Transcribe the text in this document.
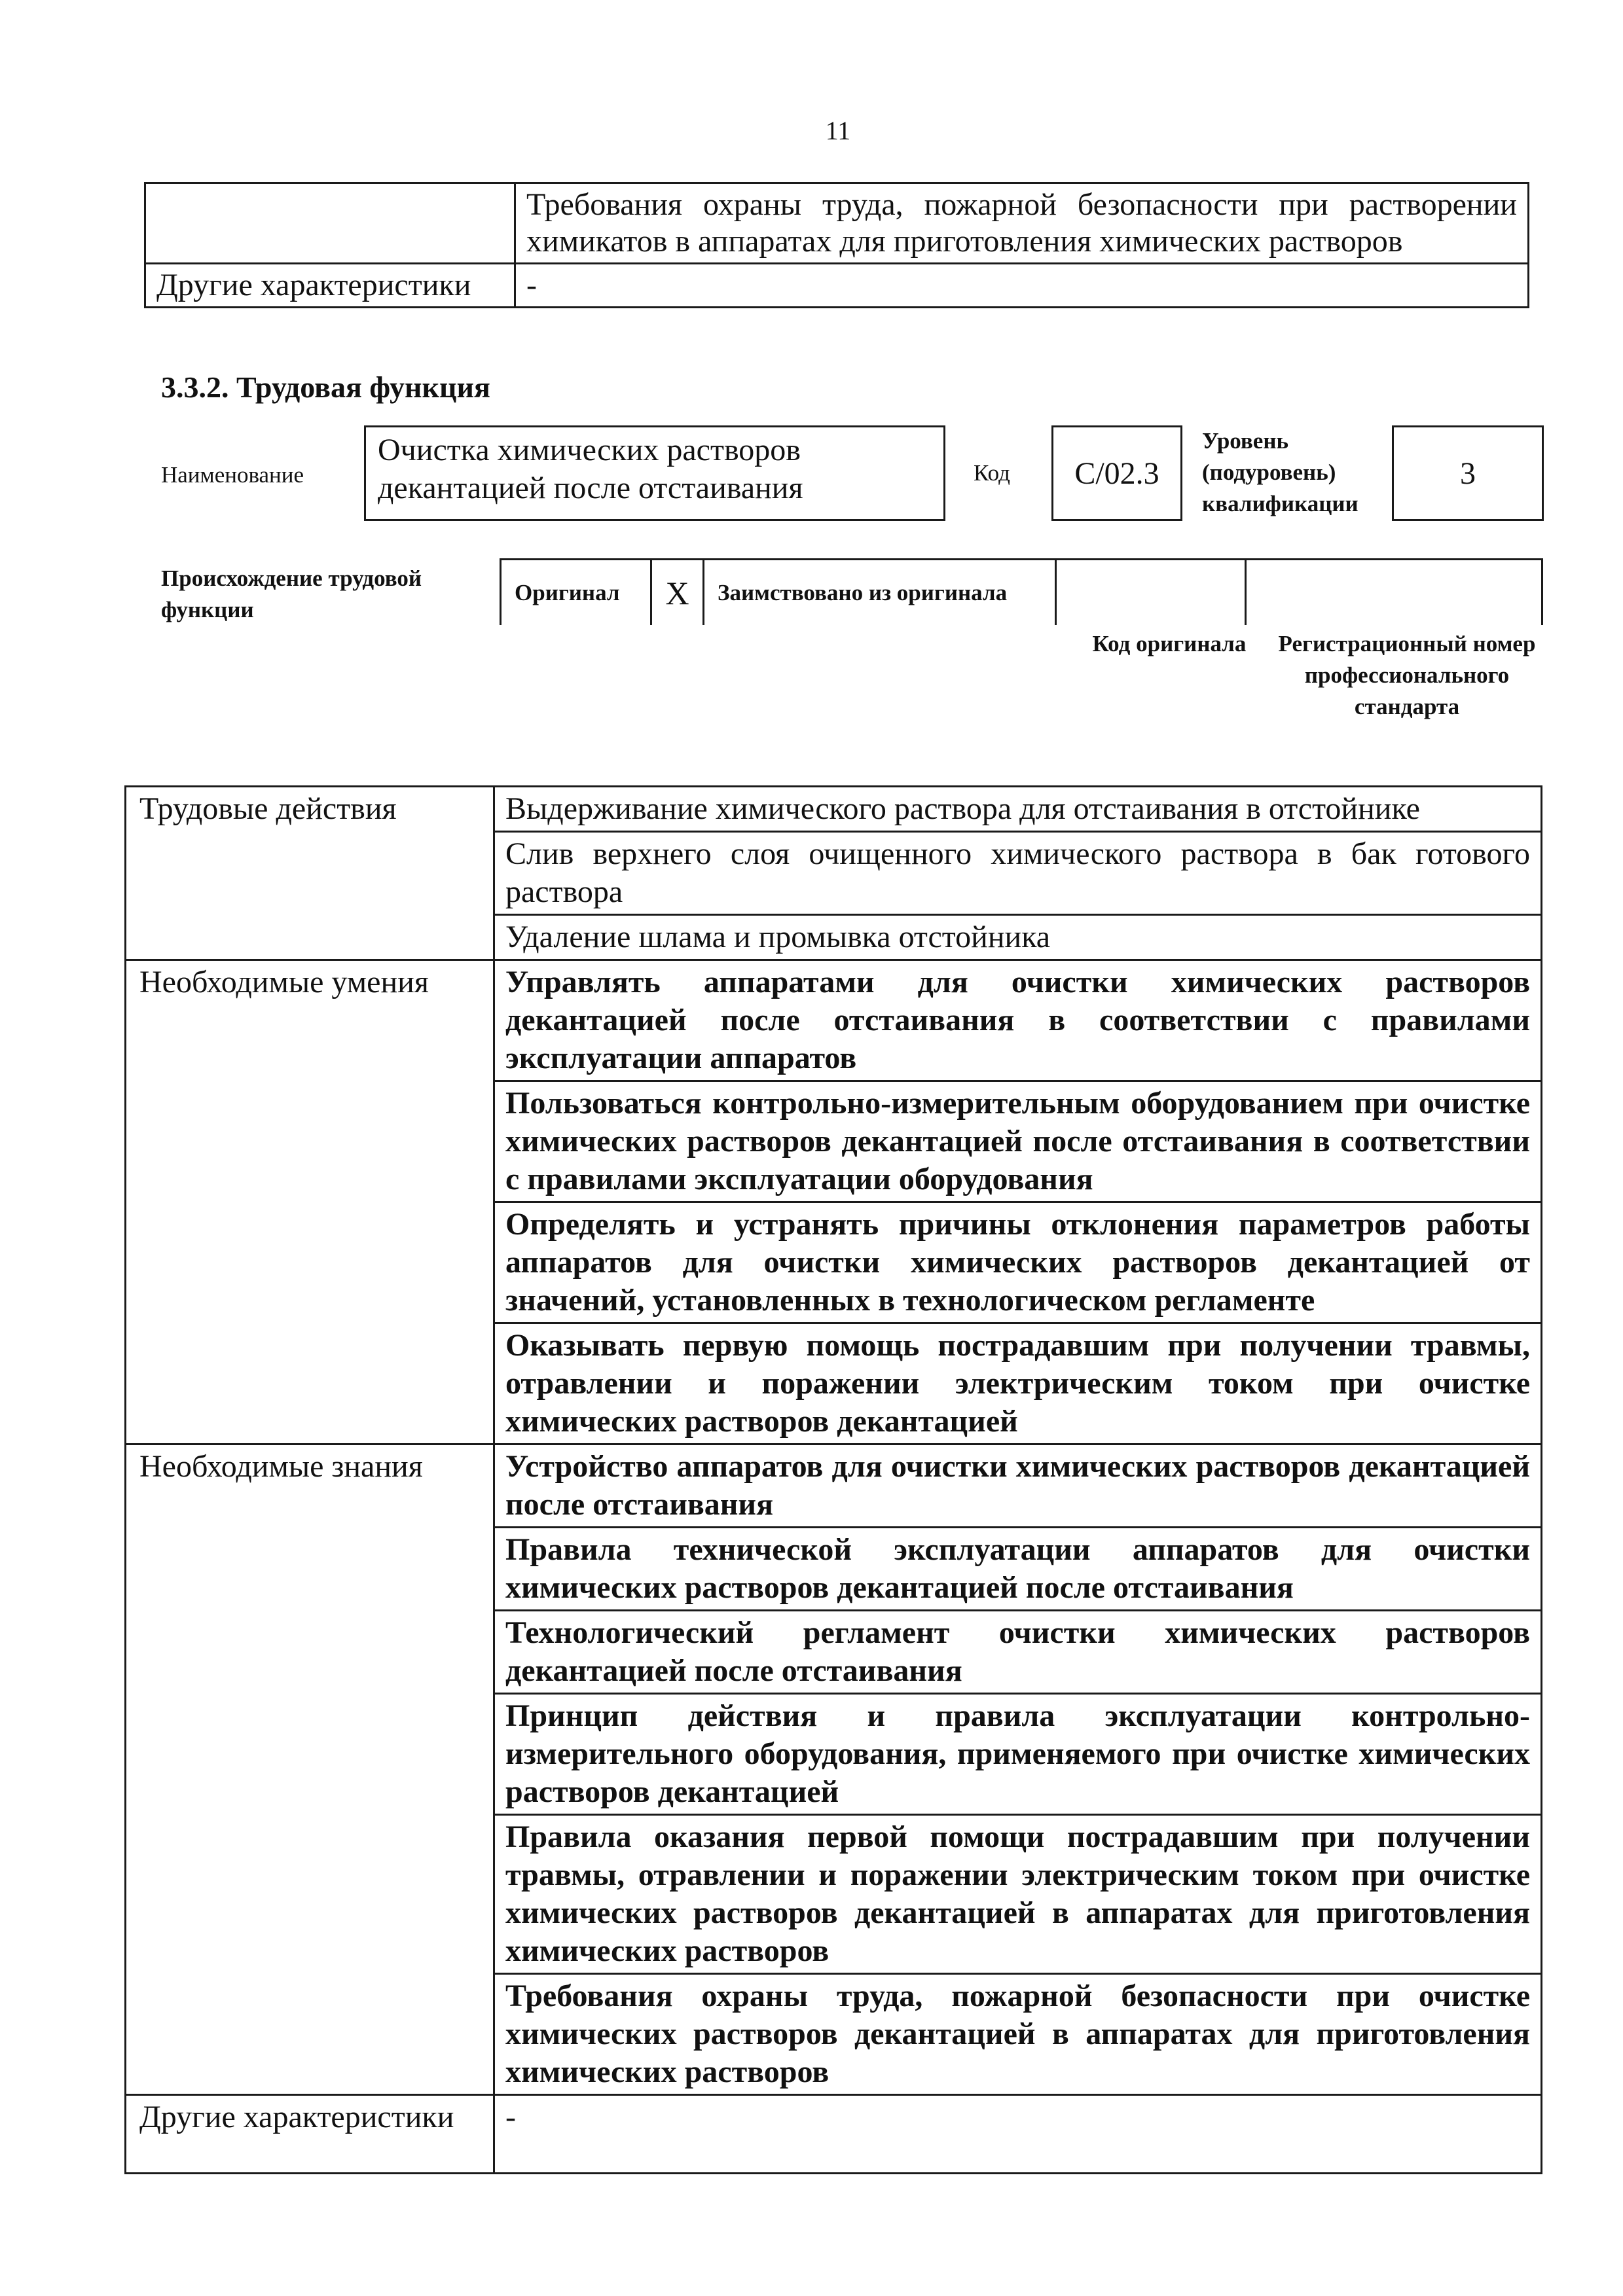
11
	Требования охраны труда, пожарной безопасности при растворении химикатов в аппаратах для приготовления химических растворов
Другие характеристики	-
3.3.2. Трудовая функция
Наименование
Очистка химических растворов декантацией после отстаивания	Код	C/02.3
Уровень (подуровень) квалификации
3
Происхождение трудовой функции
Оригинал	X	Заимствовано из оригинала		
Код оригинала	Регистрационный номер профессионального стандарта
Трудовые действия	Выдерживание химического раствора для отстаивания в отстойнике
	Слив верхнего слоя очищенного химического раствора в бак готового раствора
	Удаление шлама и промывка отстойника
Необходимые умения	Управлять аппаратами для очистки химических растворов декантацией после отстаивания в соответствии с правилами эксплуатации аппаратов
	Пользоваться контрольно-измерительным оборудованием при очистке химических растворов декантацией после отстаивания в соответствии с правилами эксплуатации оборудования
	Определять и устранять причины отклонения параметров работы аппаратов для очистки химических растворов декантацией от значений, установленных в технологическом регламенте
	Оказывать первую помощь пострадавшим при получении травмы, отравлении и поражении электрическим током при очистке химических растворов декантацией
Необходимые знания	Устройство аппаратов для очистки химических растворов декантацией после отстаивания
	Правила технической эксплуатации аппаратов для очистки химических растворов декантацией после отстаивания
	Технологический регламент очистки химических растворов декантацией после отстаивания
	Принцип действия и правила эксплуатации контрольно-измерительного оборудования, применяемого при очистке химических растворов декантацией
	Правила оказания первой помощи пострадавшим при получении травмы, отравлении и поражении электрическим током при очистке химических растворов декантацией в аппаратах для приготовления химических растворов
	Требования охраны труда, пожарной безопасности при очистке химических растворов декантацией в аппаратах для приготовления химических растворов
Другие характеристики	-
